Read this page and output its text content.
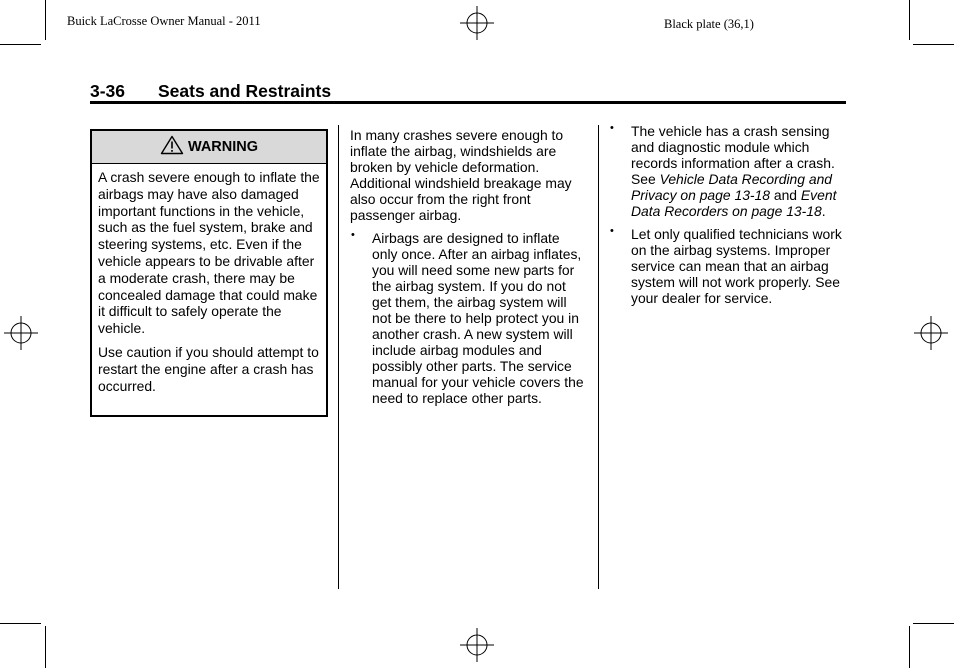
Buick LaCrosse Owner Manual - 2011	Black plate (36,1)
3-36 Seats and Restraints
WARNING

A crash severe enough to inflate the airbags may have also damaged important functions in the vehicle, such as the fuel system, brake and steering systems, etc. Even if the vehicle appears to be drivable after a moderate crash, there may be concealed damage that could make it difficult to safely operate the vehicle.

Use caution if you should attempt to restart the engine after a crash has occurred.

In many crashes severe enough to inflate the airbag, windshields are broken by vehicle deformation. Additional windshield breakage may also occur from the right front passenger airbag.

• Airbags are designed to inflate only once. After an airbag inflates, you will need some new parts for the airbag system. If you do not get them, the airbag system will not be there to help protect you in another crash. A new system will include airbag modules and possibly other parts. The service manual for your vehicle covers the need to replace other parts.
• The vehicle has a crash sensing and diagnostic module which records information after a crash. See Vehicle Data Recording and Privacy on page 13-18 and Event Data Recorders on page 13-18.
• Let only qualified technicians work on the airbag systems. Improper service can mean that an airbag system will not work properly. See your dealer for service.
